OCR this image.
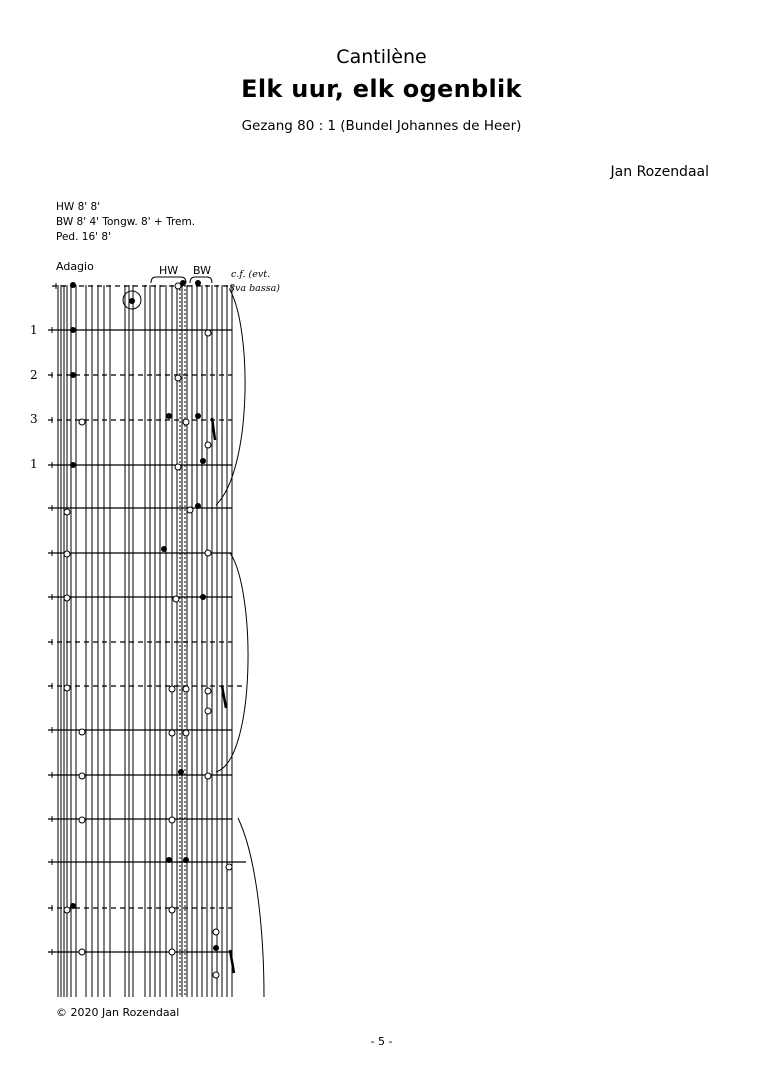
Cantilène
Elk uur, elk ogenblik
Gezang 80 : 1 (Bundel Johannes de Heer)
Jan Rozendaal
HW 8' 8'
BW 8' 4' Tongw. 8' + Trem.
Ped. 16' 8'
Adagio	HW BW c.f. (evt.
8va bassa)
1
2
3
1
© 2020 Jan Rozendaal
- 5 -
